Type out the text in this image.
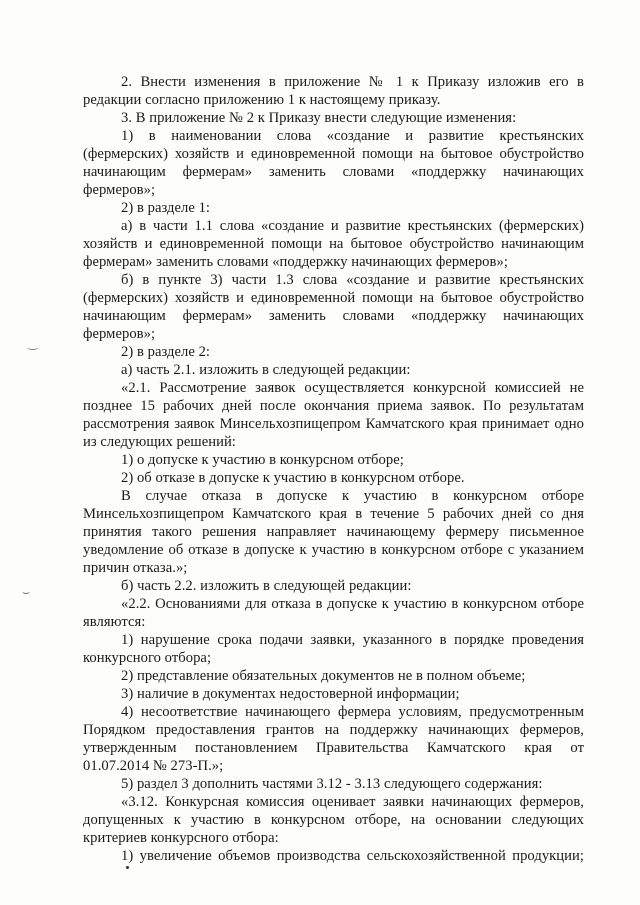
2. Внести изменения в приложение № 1 к Приказу изложив его в
редакции согласно приложению 1 к настоящему приказу.
3. В приложение № 2 к Приказу внести следующие изменения:
1) в наименовании слова «создание и развитие крестьянских
(фермерских) хозяйств и единовременной помощи на бытовое обустройство
начинающим фермерам» заменить словами «поддержку начинающих
фермеров»;
2) в разделе 1:
а) в части 1.1 слова «создание и развитие крестьянских (фермерских)
хозяйств и единовременной помощи на бытовое обустройство начинающим
фермерам» заменить словами «поддержку начинающих фермеров»;
б) в пункте 3) части 1.3 слова «создание и развитие крестьянских
(фермерских) хозяйств и единовременной помощи на бытовое обустройство
начинающим фермерам» заменить словами «поддержку начинающих
фермеров»;
2) в разделе 2:
а) часть 2.1. изложить в следующей редакции:
«2.1. Рассмотрение заявок осуществляется конкурсной комиссией не
позднее 15 рабочих дней после окончания приема заявок. По результатам
рассмотрения заявок Минсельхозпищепром Камчатского края принимает одно
из следующих решений:
1) о допуске к участию в конкурсном отборе;
2) об отказе в допуске к участию в конкурсном отборе.
В случае отказа в допуске к участию в конкурсном отборе
Минсельхозпищепром Камчатского края в течение 5 рабочих дней со дня
принятия такого решения направляет начинающему фермеру письменное
уведомление об отказе в допуске к участию в конкурсном отборе с указанием
причин отказа.»;
б) часть 2.2. изложить в следующей редакции:
«2.2. Основаниями для отказа в допуске к участию в конкурсном отборе
являются:
1) нарушение срока подачи заявки, указанного в порядке проведения
конкурсного отбора;
2) представление обязательных документов не в полном объеме;
3) наличие в документах недостоверной информации;
4) несоответствие начинающего фермера условиям, предусмотренным
Порядком предоставления грантов на поддержку начинающих фермеров,
утвержденным постановлением Правительства Камчатского края от
01.07.2014 № 273-П.»;
5) раздел 3 дополнить частями 3.12 - 3.13 следующего содержания:
«3.12. Конкурсная комиссия оценивает заявки начинающих фермеров,
допущенных к участию в конкурсном отборе, на основании следующих
критериев конкурсного отбора:
1) увеличение объемов производства сельскохозяйственной продукции;
‿
⌣
